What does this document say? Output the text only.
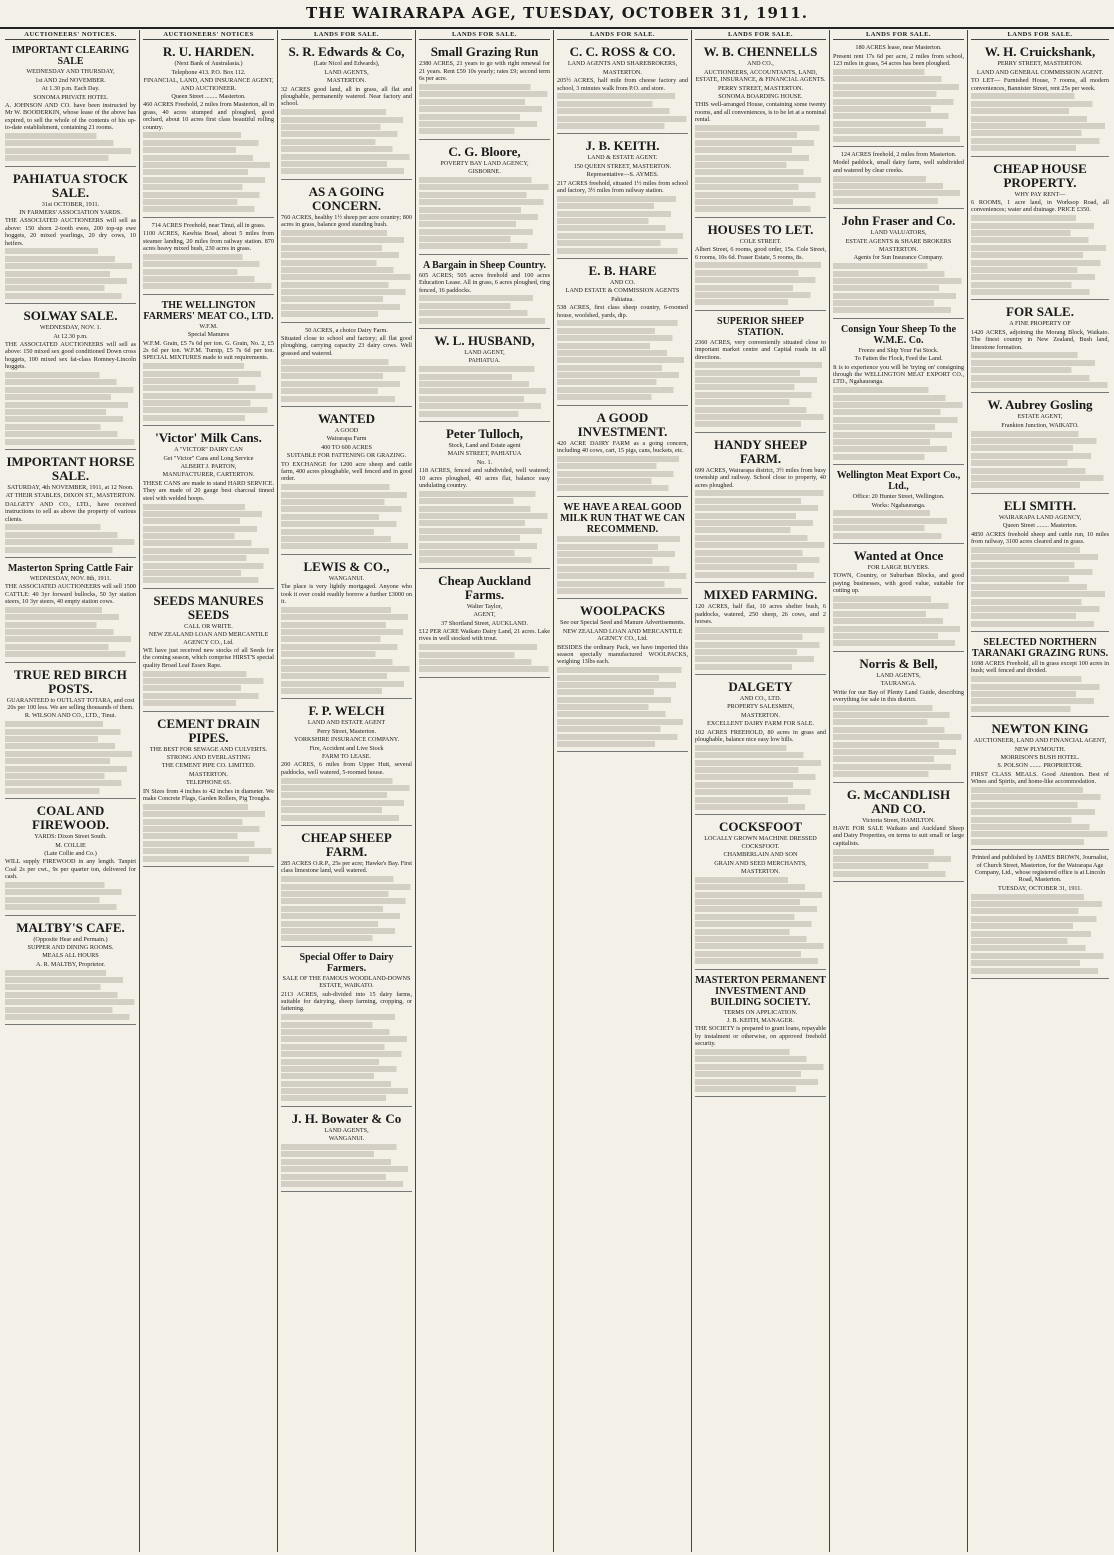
THE WAIRARAPA AGE, TUESDAY, OCTOBER 31, 1911.
AUCTIONEERS' NOTICES.
IMPORTANT CLEARING SALE

WEDNESDAY AND THURSDAY,

1st AND 2nd NOVEMBER.

At 1.30 p.m. Each Day.

SONOMA PRIVATE HOTEL

A. JOHNSON AND CO. have been instructed by Mr W. BOODERKIN, whose lease of the above has expired, to sell the whole of the contents of his up-to-date establishment, containing 21 rooms.

PAHIATUA STOCK SALE.

31st OCTOBER, 1911.

IN FARMERS' ASSOCIATION YARDS.

THE ASSOCIATED AUCTIONEERS will sell as above: 150 shorn 2-tooth ewes, 200 top-up ewe hoggets, 20 mixed yearlings, 20 dry cows, 10 heifers.

SOLWAY SALE.

WEDNESDAY, NOV. 1.

At 12.30 p.m.

THE ASSOCIATED AUCTIONEERS will sell as above: 150 mixed sex good conditioned Down cross hoggets, 100 mixed sex fat-class Romney-Lincoln hoggets.

IMPORTANT HORSE SALE.

SATURDAY, 4th NOVEMBER, 1911, at 12 Noon.

AT THEIR STABLES, DIXON ST., MASTERTON.

DALGETY AND CO., LTD., have received instructions to sell as above the property of various clients.

Masterton Spring Cattle Fair

WEDNESDAY, NOV. 8th, 1911.

THE ASSOCIATED AUCTIONEERS will sell 1500 CATTLE: 40 3yr forward bullocks, 50 3yr station steers, 10 3yr steers, 40 empty station cows.

TRUE RED BIRCH POSTS.

GUARANTEED to OUTLAST TOTARA, and cost 20s per 100 less. We are selling thousands of them.

R. WILSON AND CO., LTD., Tinui.

COAL AND FIREWOOD.

YARDS: Dixon Street South.

M. COLLIE

(Late Collie and Co.)

WILL supply FIREWOOD in any length. Tanpiri Coal 2s per cwt., 9s per quarter ton, delivered for cash.

MALTBY'S CAFE.

(Opposite Hear and Permain.)

SUPPER AND DINING ROOMS.

MEALS ALL HOURS

A. R. MALTBY, Proprietor.

AUCTIONEERS' NOTICES
R. U. HARDEN.

(Next Bank of Australasia.)

Telephone 413. P.O. Box 112.

FINANCIAL, LAND, AND INSURANCE AGENT, AND AUCTIONEER.

Queen Street ........ Masterton.

460 ACRES Freehold, 2 miles from Masterton, all in grass, 40 acres stumped and ploughed, good orchard, about 10 acres first class beautiful rolling country.

714 ACRES Freehold, near Tinui, all in grass.

1100 ACRES, Kawhia Boad, about 5 miles from steamer landing, 20 miles from railway station. 870 acres heavy mixed bush, 230 acres in grass.

THE WELLINGTON FARMERS' MEAT CO., LTD.

W.F.M.

Special Manures

W.F.M. Grain, £5 7s 6d per ton. G. Grain, No. 2, £5 2s 6d per ton. W.F.M. Turnip, £5 7s 6d per ton. SPECIAL MIXTURES made to suit requirements.

'Victor' Milk Cans.

A "VICTOR" DAIRY CAN

Get "Victor" Cans and Long Service

ALBERT J. PARTON,

MANUFACTURER, CARTERTON.

THESE CANS are made to stand HARD SERVICE. They are made of 20 gauge best charcoal tinned steel with welded hoops.

SEEDS MANURES SEEDS

CALL OR WRITE.

NEW ZEALAND LOAN AND MERCANTILE AGENCY CO., Ltd.

WE have just received new stocks of all Seeds for the coming season, which comprise HIRST'S special quality Broad Leaf Essex Rape.

CEMENT DRAIN PIPES.

THE BEST FOR SEWAGE AND CULVERTS.

STRONG AND EVERLASTING

THE CEMENT PIPE CO. LIMITED.

MASTERTON.

TELEPHONE 65.

IN Sizes from 4 inches to 42 inches in diameter. We make Concrete Flags, Garden Rollers, Pig Troughs.

LANDS FOR SALE.
S. R. Edwards & Co,

(Late Nicol and Edwards),

LAND AGENTS,

MASTERTON.

32 ACRES good land, all in grass, all flat and ploughable, permanently watered. Near factory and school.

AS A GOING CONCERN.

760 ACRES, healthy 1½ sheep per acre country; 800 acres in grass, balance good standing bush.

50 ACRES, a choice Dairy Farm.

Situated close to school and factory; all flat good ploughing, carrying capacity 23 dairy cows. Well grassed and watered.

WANTED

A GOOD

Wairarapa Farm

400 TO 600 ACRES

SUITABLE FOR FATTENING OR GRAZING.

TO EXCHANGE for 1200 acre sheep and cattle farm, 400 acres ploughable, well fenced and in good order.

LEWIS & CO.,

WANGANUI.

The place is very lightly mortgaged. Anyone who took it over could readily borrow a further £3000 on it.

F. P. WELCH

LAND AND ESTATE AGENT

Perry Street, Masterton.

YORKSHIRE INSURANCE COMPANY.

Fire, Accident and Live Stock

FARM TO LEASE.

200 ACRES, 6 miles from Upper Hutt, several paddocks, well watered, 5-roomed house.

CHEAP SHEEP FARM.

285 ACRES O.R.P., 25s per acre; Hawke's Bay. First class limestone land, well watered.

Special Offer to Dairy Farmers.

SALE OF THE FAMOUS WOODLAND-DOWNS ESTATE, WAIKATO.

2113 ACRES, sub-divided into 15 dairy farms, suitable for dairying, sheep farming, cropping, or fattening.

J. H. Bowater & Co

LAND AGENTS,

WANGANUI.

LANDS FOR SALE.
Small Grazing Run

2380 ACRES, 21 years to go with right renewal for 21 years. Rent £59 10s yearly; rates £9; second term 6s per acre.

C. G. Bloore,

POVERTY BAY LAND AGENCY,

GISBORNE.

A Bargain in Sheep Country.

605 ACRES; 505 acres freehold and 100 acres Education Lease. All in grass, 6 acres ploughed, ring fenced, 16 paddocks.

W. L. HUSBAND,

LAND AGENT,

PAHIATUA.

Peter Tulloch,

Stock, Land and Estate agent

MAIN STREET, PAHIATUA

No. 1.

118 ACRES, fenced and subdivided, well watered; 10 acres ploughed, 40 acres flat, balance easy undulating country.

Cheap Auckland Farms.

Walter Taylor,

AGENT,

37 Shortland Street, AUCKLAND.

£12 PER ACRE Waikato Dairy Land, 21 acres. Lake rives in well stocked with trout.

LANDS FOR SALE.
C. C. ROSS & CO.

LAND AGENTS AND SHAREBROKERS,

MASTERTON.

205½ ACRES, half mile from cheese factory and school, 3 minutes walk from P.O. and store.

J. B. KEITH.

LAND & ESTATE AGENT.

150 QUEEN STREET, MASTERTON.

Representative—S. AYMES.

217 ACRES freehold, situated 1½ miles from school and factory, 3½ miles from railway station.

E. B. HARE

AND CO.

LAND ESTATE & COMMISSION AGENTS

Pahiatua.

538 ACRES, first class sheep country, 6-roomed house, woolshed, yards, dip.

A GOOD INVESTMENT.

420 ACRE DAIRY FARM as a going concern, including 40 cows, cart, 15 pigs, cans, buckets, etc.

WE HAVE A REAL GOOD MILK RUN THAT WE CAN RECOMMEND.
WOOLPACKS

See our Special Seed and Manure Advertisements.

NEW ZEALAND LOAN AND MERCANTILE AGENCY CO., Ltd.

BESIDES the ordinary Pack, we have imported this season specially manufactured WOOLPACKS, weighing 13lbs each.

LANDS FOR SALE.
W. B. CHENNELLS

AND CO.,

AUCTIONEERS, ACCOUNTANTS, LAND, ESTATE, INSURANCE, & FINANCIAL AGENTS.

PERRY STREET, MASTERTON.

SONOMA BOARDING HOUSE.

THIS well-arranged House, containing some twenty rooms, and all conveniences, is to be let at a nominal rental.

HOUSES TO LET.

COLE STREET.

Albert Street, 6 rooms, good order, 15s. Cole Street, 6 rooms, 10s 6d. Fraser Estate, 5 rooms, 8s.

SUPERIOR SHEEP STATION.

2360 ACRES, very conveniently situated close to important market centre and Capital roads in all directions.

HANDY SHEEP FARM.

699 ACRES, Wairarapa district, 3½ miles from busy township and railway. School close to property, 40 acres ploughed.

MIXED FARMING.

120 ACRES, half flat, 10 acres shelter bush, 6 paddocks, watered, 250 sheep, 26 cows, and 2 horses.

DALGETY

AND CO., LTD.

PROPERTY SALESMEN,

MASTERTON.

EXCELLENT DAIRY FARM FOR SALE.

102 ACRES FREEHOLD, 80 acres in grass and ploughable, balance nice easy low hills.

COCKSFOOT

LOCALLY GROWN MACHINE DRESSED COCKSFOOT.

CHAMBERLAIN AND SON

GRAIN AND SEED MERCHANTS,

MASTERTON.

MASTERTON PERMANENT INVESTMENT AND BUILDING SOCIETY.

TERMS ON APPLICATION.

J. B. KEITH, MANAGER.

THE SOCIETY is prepared to grant loans, repayable by instalment or otherwise, on approved freehold security.

LANDS FOR SALE.

180 ACRES lease, near Masterton.

Present rent 17s 6d per acre, 2 miles from school, 123 miles in grass, 54 acres has been ploughed.

124 ACRES freehold, 2 miles from Masterton.

Model paddock, small dairy farm, well subdivided and watered by clear creeks.

John Fraser and Co.

LAND VALUATORS,

ESTATE AGENTS & SHARE BROKERS

MASTERTON.

Agents for Sun Insurance Company.

Consign Your Sheep To the W.M.E. Co.

Freeze and Ship Your Fat Stock.

To Fatten the Flock, Feed the Land.

It is to experience you will be 'trying on' consigning through the WELLINGTON MEAT EXPORT CO., LTD., Ngahauranga.

Wellington Meat Export Co., Ltd.,

Office: 20 Hunter Street, Wellington.

Works: Ngahauranga.

Wanted at Once

FOR LARGE BUYERS.

TOWN, Country, or Suburban Blocks, and good paying businesses, with good value, suitable for cutting up.

Norris & Bell,

LAND AGENTS,

TAURANGA.

Write for our Bay of Plenty Land Guide, describing everything for sale in this district.

G. McCANDLISH AND CO.

Victoria Street, HAMILTON.

HAVE FOR SALE Waikato and Auckland Sheep and Dairy Properties, on terms to suit small or large capitalists.

LANDS FOR SALE.
W. H. Cruickshank,

PERRY STREET, MASTERTON.

LAND AND GENERAL COMMISSION AGENT.

TO LET— Furnished House, 7 rooms, all modern conveniences, Bannister Street, rent 25s per week.

CHEAP HOUSE PROPERTY.

WHY PAY RENT—

6 ROOMS, 1 acre land, in Worksop Road, all conveniences; water and drainage. PRICE £350.

FOR SALE.

A FINE PROPERTY OF

1420 ACRES, adjoining the Morang Block, Waikato. The finest country in New Zealand, Bush land, limestone formation.

W. Aubrey Gosling

ESTATE AGENT,

Frankton Junction, WAIKATO.

ELI SMITH.

WAIRARAPA LAND AGENCY,

Queen Street ........ Masterton.

4850 ACRES freehold sheep and cattle run, 10 miles from railway, 3100 acres cleared and in grass.

SELECTED NORTHERN TARANAKI GRAZING RUNS.

1698 ACRES Freehold, all in grass except 100 acres in bush; well fenced and divided.

NEWTON KING

AUCTIONEER, LAND AND FINANCIAL AGENT,

NEW PLYMOUTH.

MORRISON'S BUSH HOTEL.

S. POLSON ........ PROPRIETOR.

FIRST CLASS MEALS. Good Attention. Best of Wines and Spirits, and home-like accommodation.

Printed and published by JAMES BROWN, Journalist, of Church Street, Masterton, for the Wairarapa Age Company, Ltd., whose registered office is at Lincoln Road, Masterton.

TUESDAY, OCTOBER 31, 1911.
